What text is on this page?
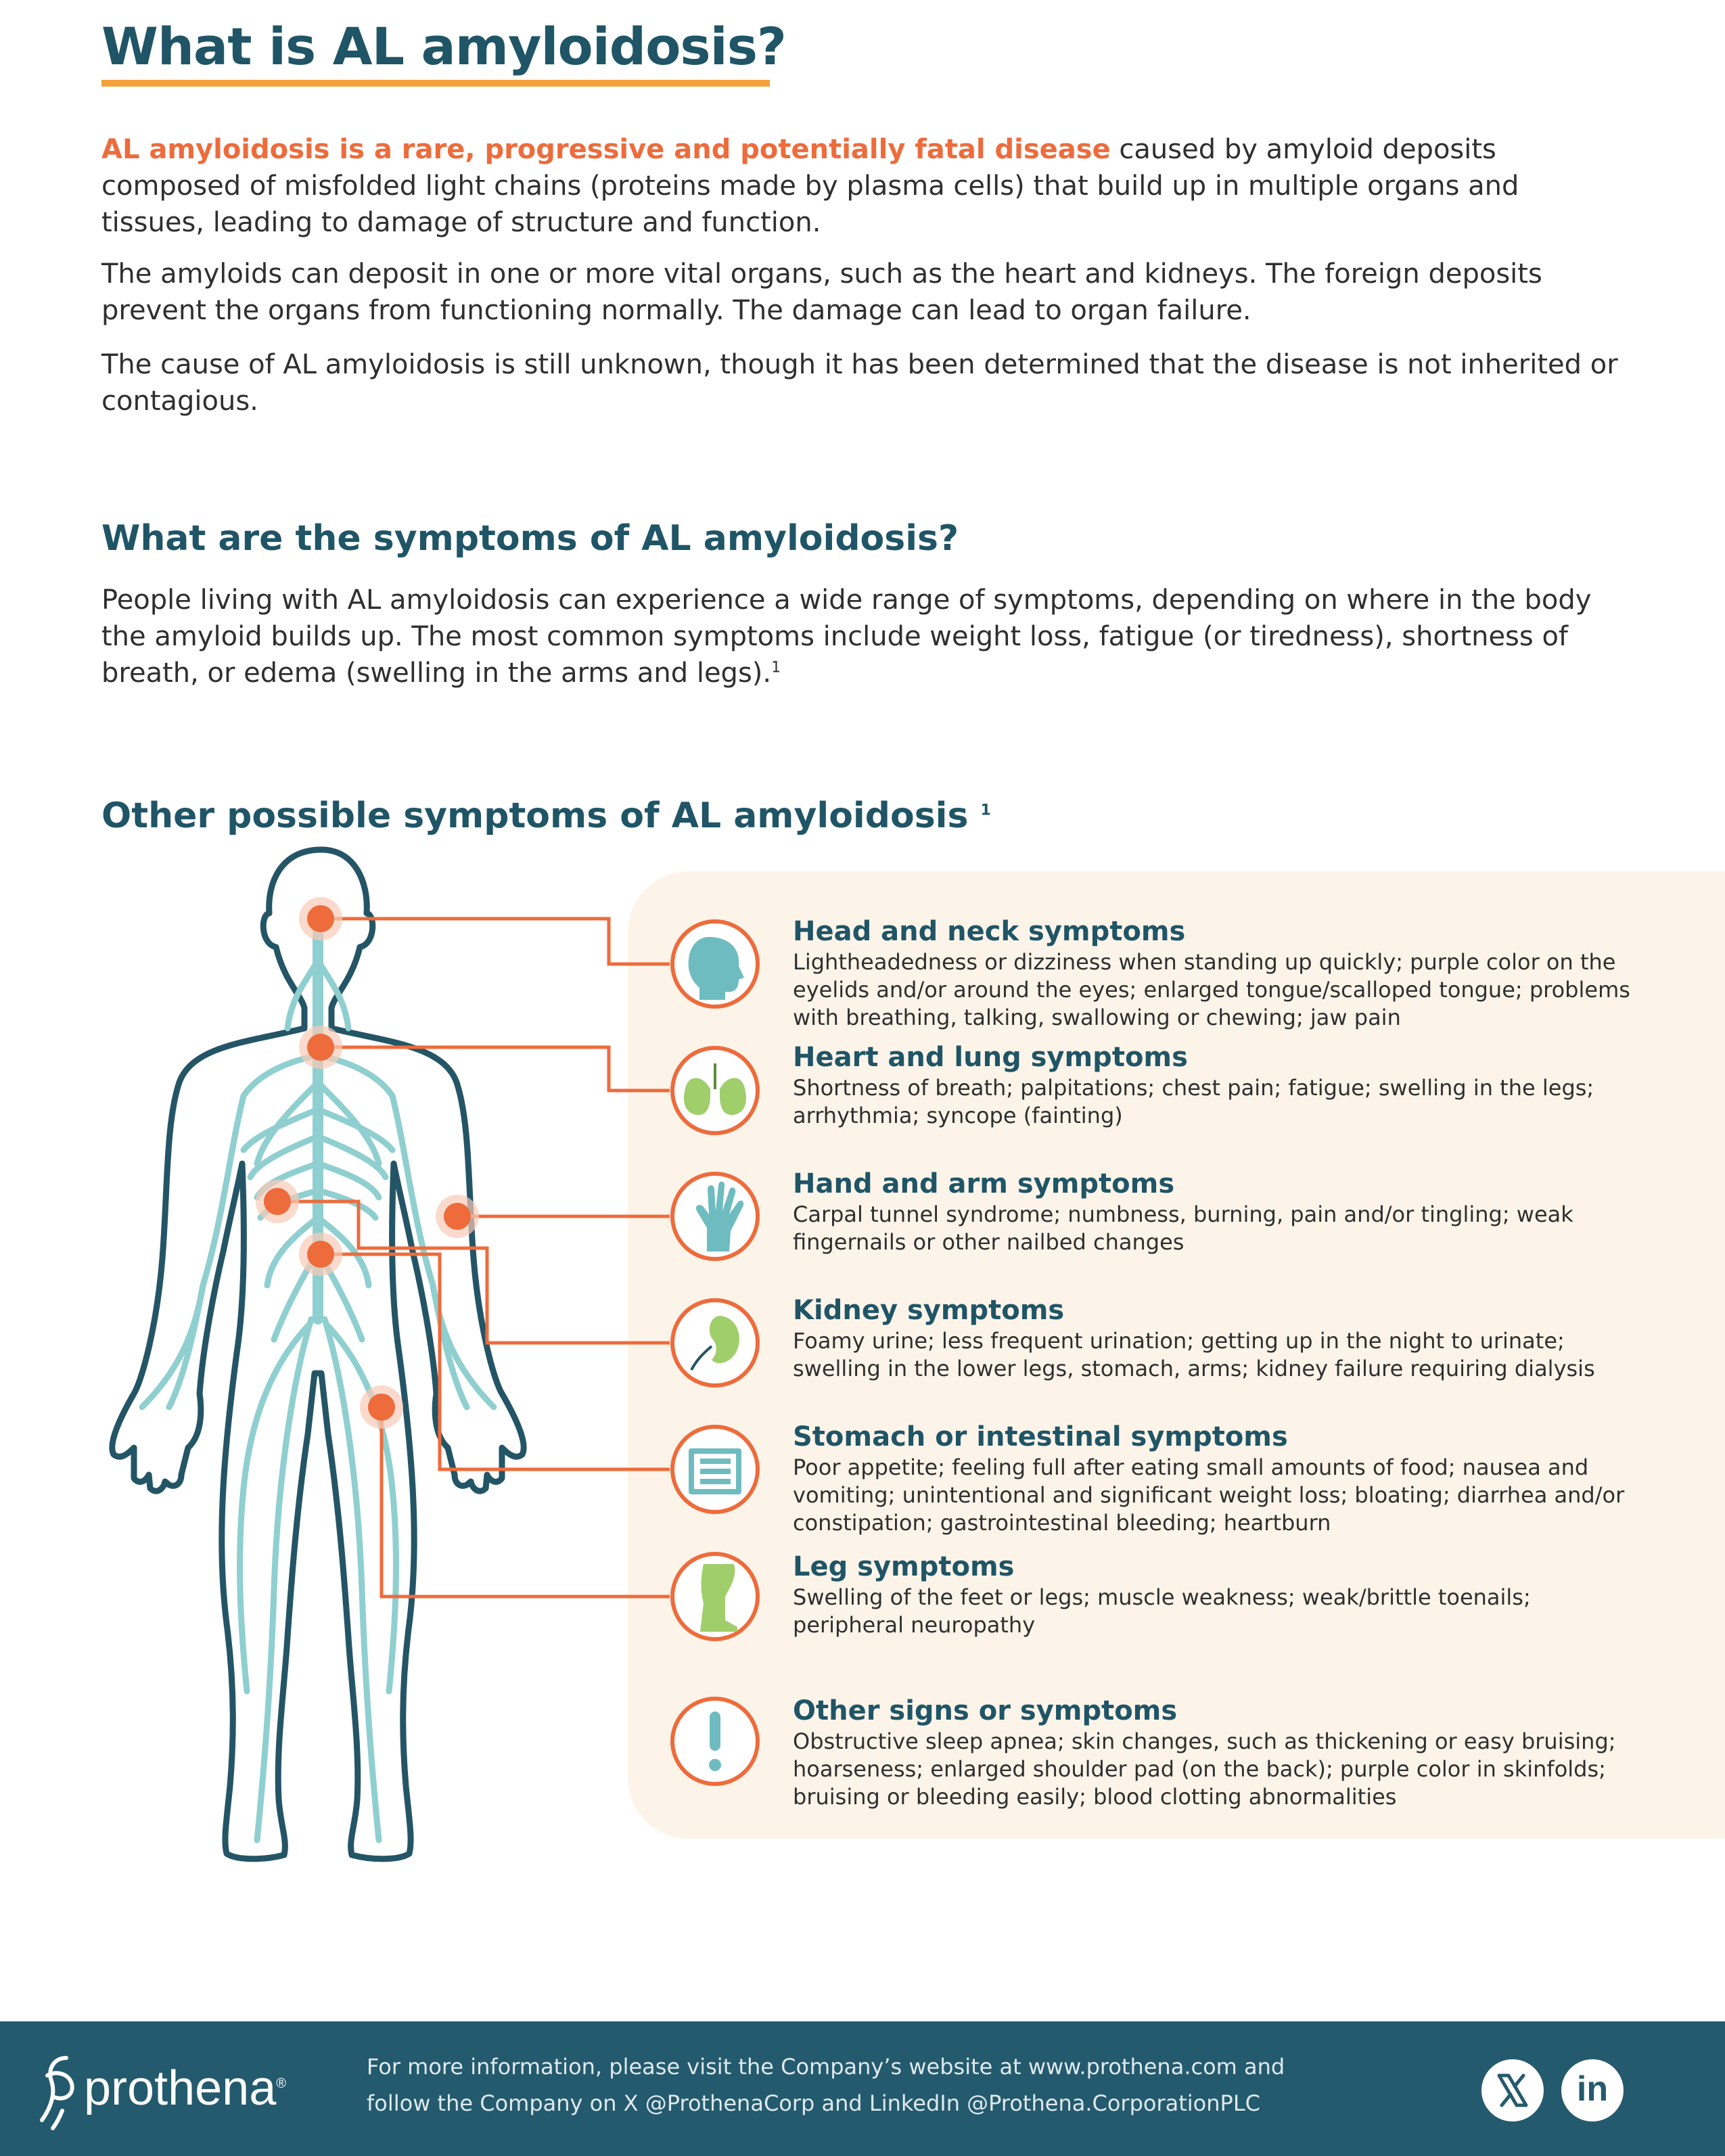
What is AL amyloidosis?

AL amyloidosis is a rare, progressive and potentially fatal disease caused by amyloid deposits composed of misfolded light chains (proteins made by plasma cells) that build up in multiple organs and tissues, leading to damage of structure and function.

The amyloids can deposit in one or more vital organs, such as the heart and kidneys. The foreign deposits prevent the organs from functioning normally. The damage can lead to organ failure.

The cause of AL amyloidosis is still unknown, though it has been determined that the disease is not inherited or contagious.

What are the symptoms of AL amyloidosis?

People living with AL amyloidosis can experience a wide range of symptoms, depending on where in the body the amyloid builds up. The most common symptoms include weight loss, fatigue (or tiredness), shortness of breath, or edema (swelling in the arms and legs).$^1$

Other possible symptoms of AL amyloidosis $^1$
Head and neck symptoms
Lightheadedness or dizziness when standing up quickly; purple color on the eyelids and/or around the eyes; enlarged tongue/scalloped tongue; problems with breathing, talking, swallowing or chewing; jaw pain
Heart and lung symptoms
Shortness of breath; palpitations; chest pain; fatigue; swelling in the legs; arrhythmia; syncope (fainting)
Hand and arm symptoms
Carpal tunnel syndrome; numbness, burning, pain and/or tingling; weak fingernails or other nailbed changes
Kidney symptoms
Foamy urine; less frequent urination; getting up in the night to urinate; swelling in the lower legs, stomach, arms; kidney failure requiring dialysis
Stomach or intestinal symptoms
Poor appetite; feeling full after eating small amounts of food; nausea and vomiting; unintentional and significant weight loss; bloating; diarrhea and/or constipation; gastrointestinal bleeding; heartburn
Leg symptoms
Swelling of the feet or legs; muscle weakness; weak/brittle toenails; peripheral neuropathy
Other signs or symptoms
Obstructive sleep apnea; skin changes, such as thickening or easy bruising; hoarseness; enlarged shoulder pad (on the back); purple color in skinfolds; bruising or bleeding easily; blood clotting abnormalities
prothena®
For more information, please visit the Company’s website at www.prothena.com and
follow the Company on X @ProthenaCorp and LinkedIn @Prothena.CorporationPLC	in
